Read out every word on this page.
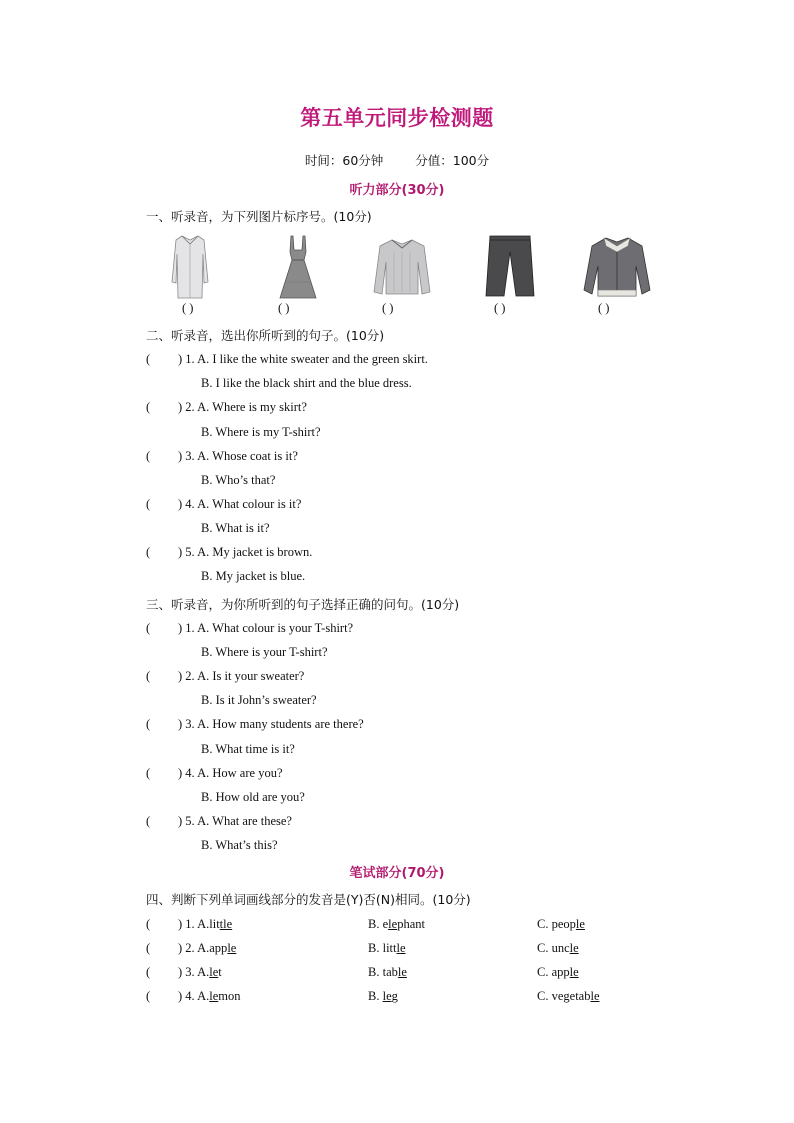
第五单元同步检测题
时间：60分钟	分值：100分
听力部分(30分)
一、听录音，为下列图片标序号。(10分)
( )	( )	( )	( )	( )
二、听录音，选出你所听到的句子。(10分)
( ) 1. A. I like the white sweater and the green skirt.
B. I like the black shirt and the blue dress.
( ) 2. A. Where is my skirt?
B. Where is my T-shirt?
( ) 3. A. Whose coat is it?
B. Who’s that?
( ) 4. A. What colour is it?
B. What is it?
( ) 5. A. My jacket is brown.
B. My jacket is blue.
三、听录音，为你所听到的句子选择正确的问句。(10分)
( ) 1. A. What colour is your T-shirt?
B. Where is your T-shirt?
( ) 2. A. Is it your sweater?
B. Is it John’s sweater?
( ) 3. A. How many students are there?
B. What time is it?
( ) 4. A. How are you?
B. How old are you?
( ) 5. A. What are these?
B. What’s this?
笔试部分(70分)
四、判断下列单词画线部分的发音是(Y)否(N)相同。(10分)
( ) 1. A.little	B. elephant	C. people
( ) 2. A.apple	B. little	C. uncle
( ) 3. A.let	B. table	C. apple
( ) 4. A.lemon	B. leg	C. vegetable
